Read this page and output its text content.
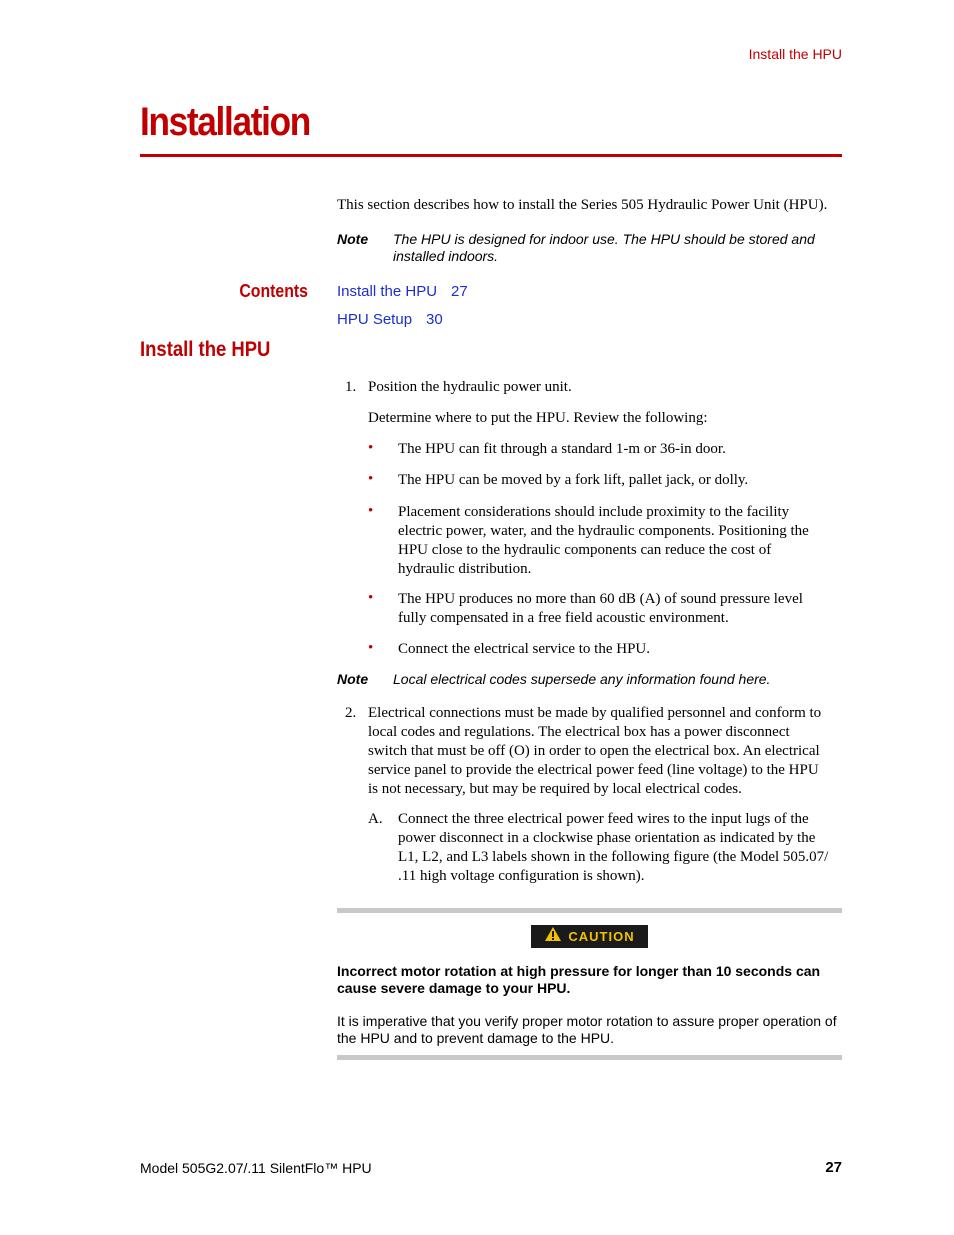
Install the HPU
Installation
This section describes how to install the Series 505 Hydraulic Power Unit (HPU).
Note The HPU is designed for indoor use. The HPU should be stored and
installed indoors.
Contents Install the HPU 27
HPU Setup 30
Install the HPU
1. Position the hydraulic power unit.
Determine where to put the HPU. Review the following:
• The HPU can fit through a standard 1-m or 36-in door.
• The HPU can be moved by a fork lift, pallet jack, or dolly.
• Placement considerations should include proximity to the facility
electric power, water, and the hydraulic components. Positioning the
HPU close to the hydraulic components can reduce the cost of
hydraulic distribution.
• The HPU produces no more than 60 dB (A) of sound pressure level
fully compensated in a free field acoustic environment.
• Connect the electrical service to the HPU.
Note Local electrical codes supersede any information found here.
2. Electrical connections must be made by qualified personnel and conform to
local codes and regulations. The electrical box has a power disconnect
switch that must be off (O) in order to open the electrical box. An electrical
service panel to provide the electrical power feed (line voltage) to the HPU
is not necessary, but may be required by local electrical codes.
A. Connect the three electrical power feed wires to the input lugs of the
power disconnect in a clockwise phase orientation as indicated by the
L1, L2, and L3 labels shown in the following figure (the Model 505.07/
.11 high voltage configuration is shown).
CAUTION
Incorrect motor rotation at high pressure for longer than 10 seconds can
cause severe damage to your HPU.
It is imperative that you verify proper motor rotation to assure proper operation of
the HPU and to prevent damage to the HPU.
Model 505G2.07/.11 SilentFlo™ HPU	27
